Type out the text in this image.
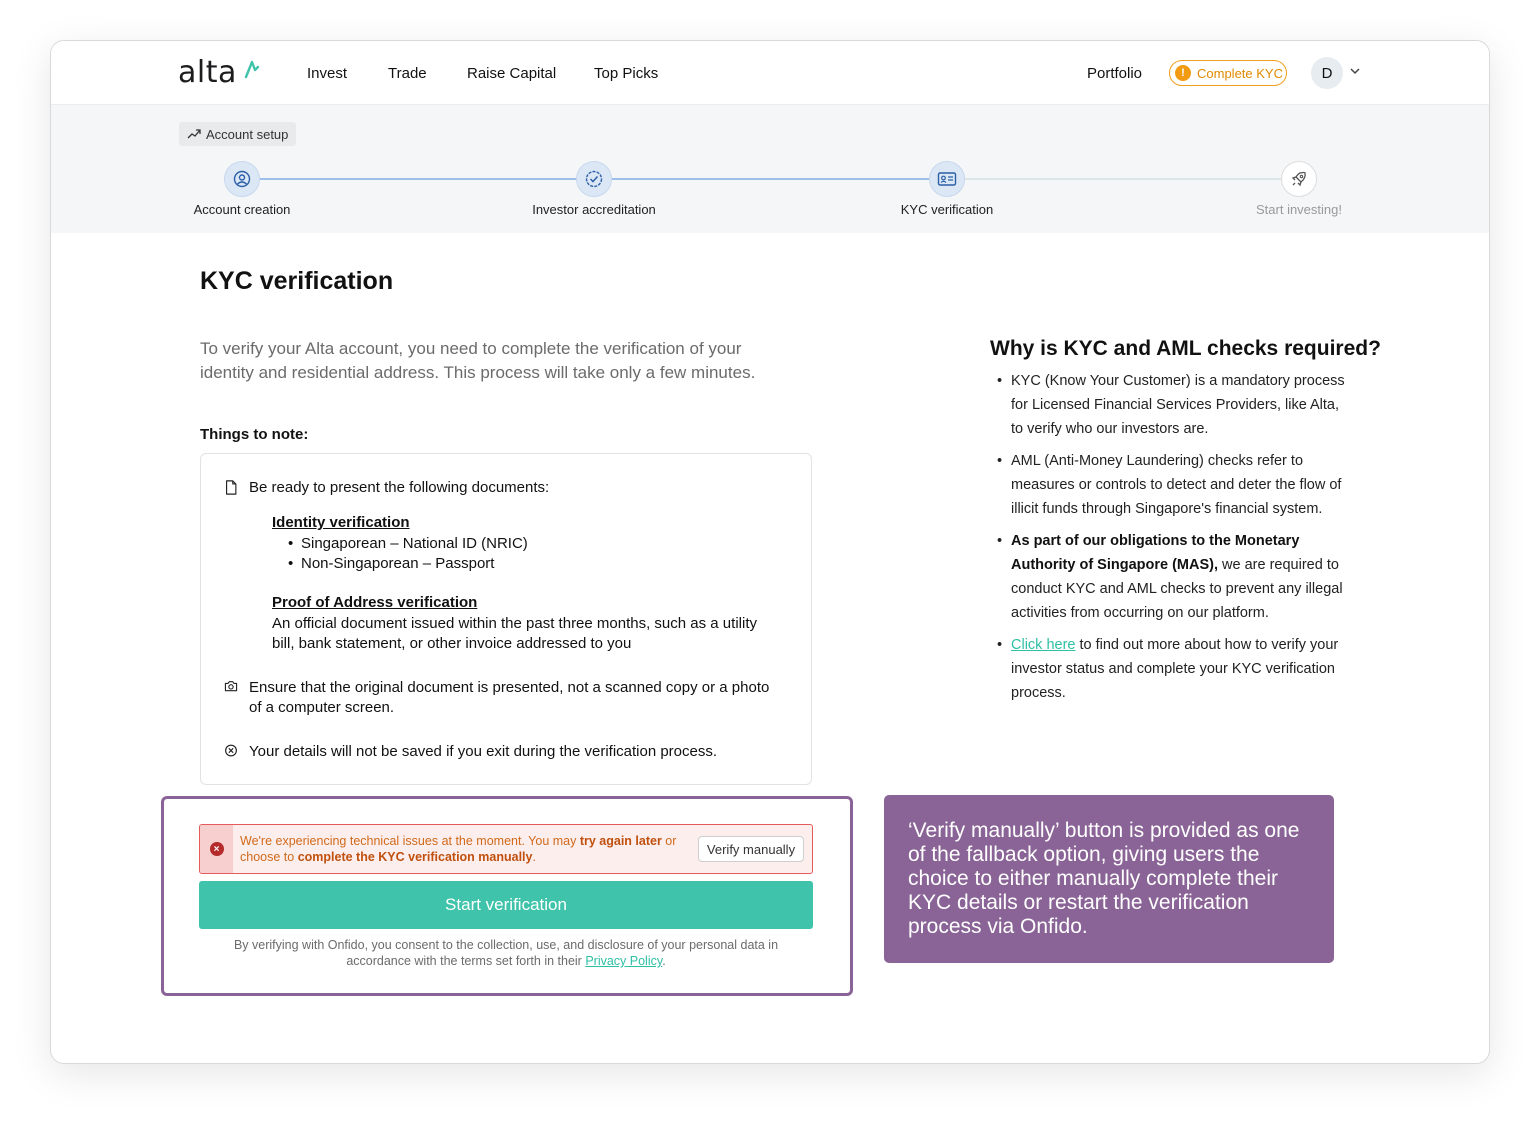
alta	Invest	Trade	Raise Capital	Top Picks	Portfolio	! Complete KYC	D
Account setup
Account creation	Investor accreditation	KYC verification	Start investing!
KYC verification

To verify your Alta account, you need to complete the verification of your identity and residential address. This process will take only a few minutes.

Things to note:
Be ready to present the following documents:
Identity verification
• Singaporean – National ID (NRIC)
• Non-Singaporean – Passport
Proof of Address verification
An official document issued within the past three months, such as a utility bill, bank statement, or other invoice addressed to you
Ensure that the original document is presented, not a scanned copy or a photo of a computer screen.
Your details will not be saved if you exit during the verification process.
Why is KYC and AML checks required?
• KYC (Know Your Customer) is a mandatory process for Licensed Financial Services Providers, like Alta, to verify who our investors are.
• AML (Anti-Money Laundering) checks refer to measures or controls to detect and deter the flow of illicit funds through Singapore's financial system.
• As part of our obligations to the Monetary Authority of Singapore (MAS), we are required to conduct KYC and AML checks to prevent any illegal activities from occurring on our platform.
• Click here to find out more about how to verify your investor status and complete your KYC verification process.
×
We're experiencing technical issues at the moment. You may try again later or choose to complete the KYC verification manually.
Verify manually
Start verification
By verifying with Onfido, you consent to the collection, use, and disclosure of your personal data in accordance with the terms set forth in their Privacy Policy.
‘Verify manually’ button is provided as one of the fallback option, giving users the choice to either manually complete their KYC details or restart the verification process via Onfido.
